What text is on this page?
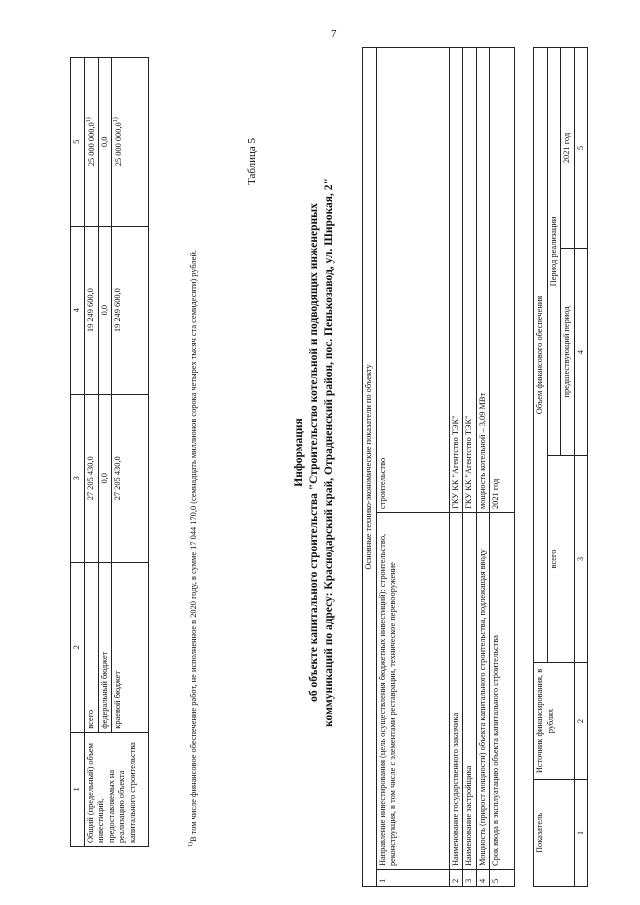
7
1	2	3	4	5
Общий (предельный) объем инвестиций, предоставляемых на реализацию объекта капитального строительства	всего	27 205 430,0	19 249 600,0	25 000 000,0$^{1)}$
	федеральный бюджет	0,0	0,0	0,0
	краевой бюджет	27 205 430,0	19 249 600,0	25 000 000,0$^{1)}$
$^{1)}$В том числе финансовое обеспечение работ, не исполненное в 2020 году, в сумме 17 044 170,0 (семнадцать миллионов сорока четырех тысяч ста семидесяти) рублей.
Таблица 5
Информация об объекте капитального строительства "Строительство котельной и подводящих инженерных коммуникаций по адресу: Краснодарский край, Отрадненский район, пос. Пенькозавод, ул. Широкая, 2"	Основные технико-экономические показатели по объекту		
1	Направление инвестирования (цель осуществления бюджетных инвестиций): строительство, реконструкция, в том числе с элементами реставрации, техническое перевооружение	строительство
2	Наименование государственного заказчика	ГКУ КК "Агентство ТЭК"
3	Наименование застройщика	ГКУ КК "Агентство ТЭК"
4	Мощность (прирост мощности) объекта капитального строительства, подлежащая вводу	мощность котельной – 3,09 МВт
5	Срок ввода в эксплуатацию объекта капитального строительства	2021 год
Показатель	Источник финансирования, в рублях	Объем финансового обеспечения		
		всего	Период реализации	
			предшествующий период	2021 год
1	2	3	4	5
